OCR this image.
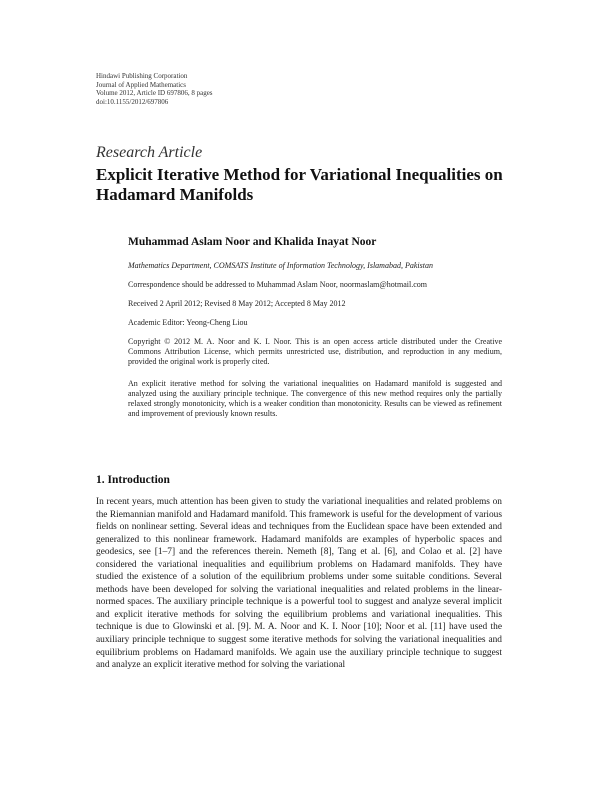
Hindawi Publishing Corporation
Journal of Applied Mathematics
Volume 2012, Article ID 697806, 8 pages
doi:10.1155/2012/697806
Research Article
Explicit Iterative Method for Variational Inequalities on Hadamard Manifolds
Muhammad Aslam Noor and Khalida Inayat Noor
Mathematics Department, COMSATS Institute of Information Technology, Islamabad, Pakistan
Correspondence should be addressed to Muhammad Aslam Noor, noormaslam@hotmail.com
Received 2 April 2012; Revised 8 May 2012; Accepted 8 May 2012
Academic Editor: Yeong-Cheng Liou
Copyright © 2012 M. A. Noor and K. I. Noor. This is an open access article distributed under the Creative Commons Attribution License, which permits unrestricted use, distribution, and reproduction in any medium, provided the original work is properly cited.
An explicit iterative method for solving the variational inequalities on Hadamard manifold is suggested and analyzed using the auxiliary principle technique. The convergence of this new method requires only the partially relaxed strongly monotonicity, which is a weaker condition than monotonicity. Results can be viewed as refinement and improvement of previously known results.
1. Introduction
In recent years, much attention has been given to study the variational inequalities and related problems on the Riemannian manifold and Hadamard manifold. This framework is useful for the development of various fields on nonlinear setting. Several ideas and techniques from the Euclidean space have been extended and generalized to this nonlinear framework. Hadamard manifolds are examples of hyperbolic spaces and geodesics, see [1–7] and the references therein. Nemeth [8], Tang et al. [6], and Colao et al. [2] have considered the variational inequalities and equilibrium problems on Hadamard manifolds. They have studied the existence of a solution of the equilibrium problems under some suitable conditions. Several methods have been developed for solving the variational inequalities and related problems in the linear-normed spaces. The auxiliary principle technique is a powerful tool to suggest and analyze several implicit and explicit iterative methods for solving the equilibrium problems and variational inequalities. This technique is due to Glowinski et al. [9]. M. A. Noor and K. I. Noor [10]; Noor et al. [11] have used the auxiliary principle technique to suggest some iterative methods for solving the variational inequalities and equilibrium problems on Hadamard manifolds. We again use the auxiliary principle technique to suggest and analyze an explicit iterative method for solving the variational
